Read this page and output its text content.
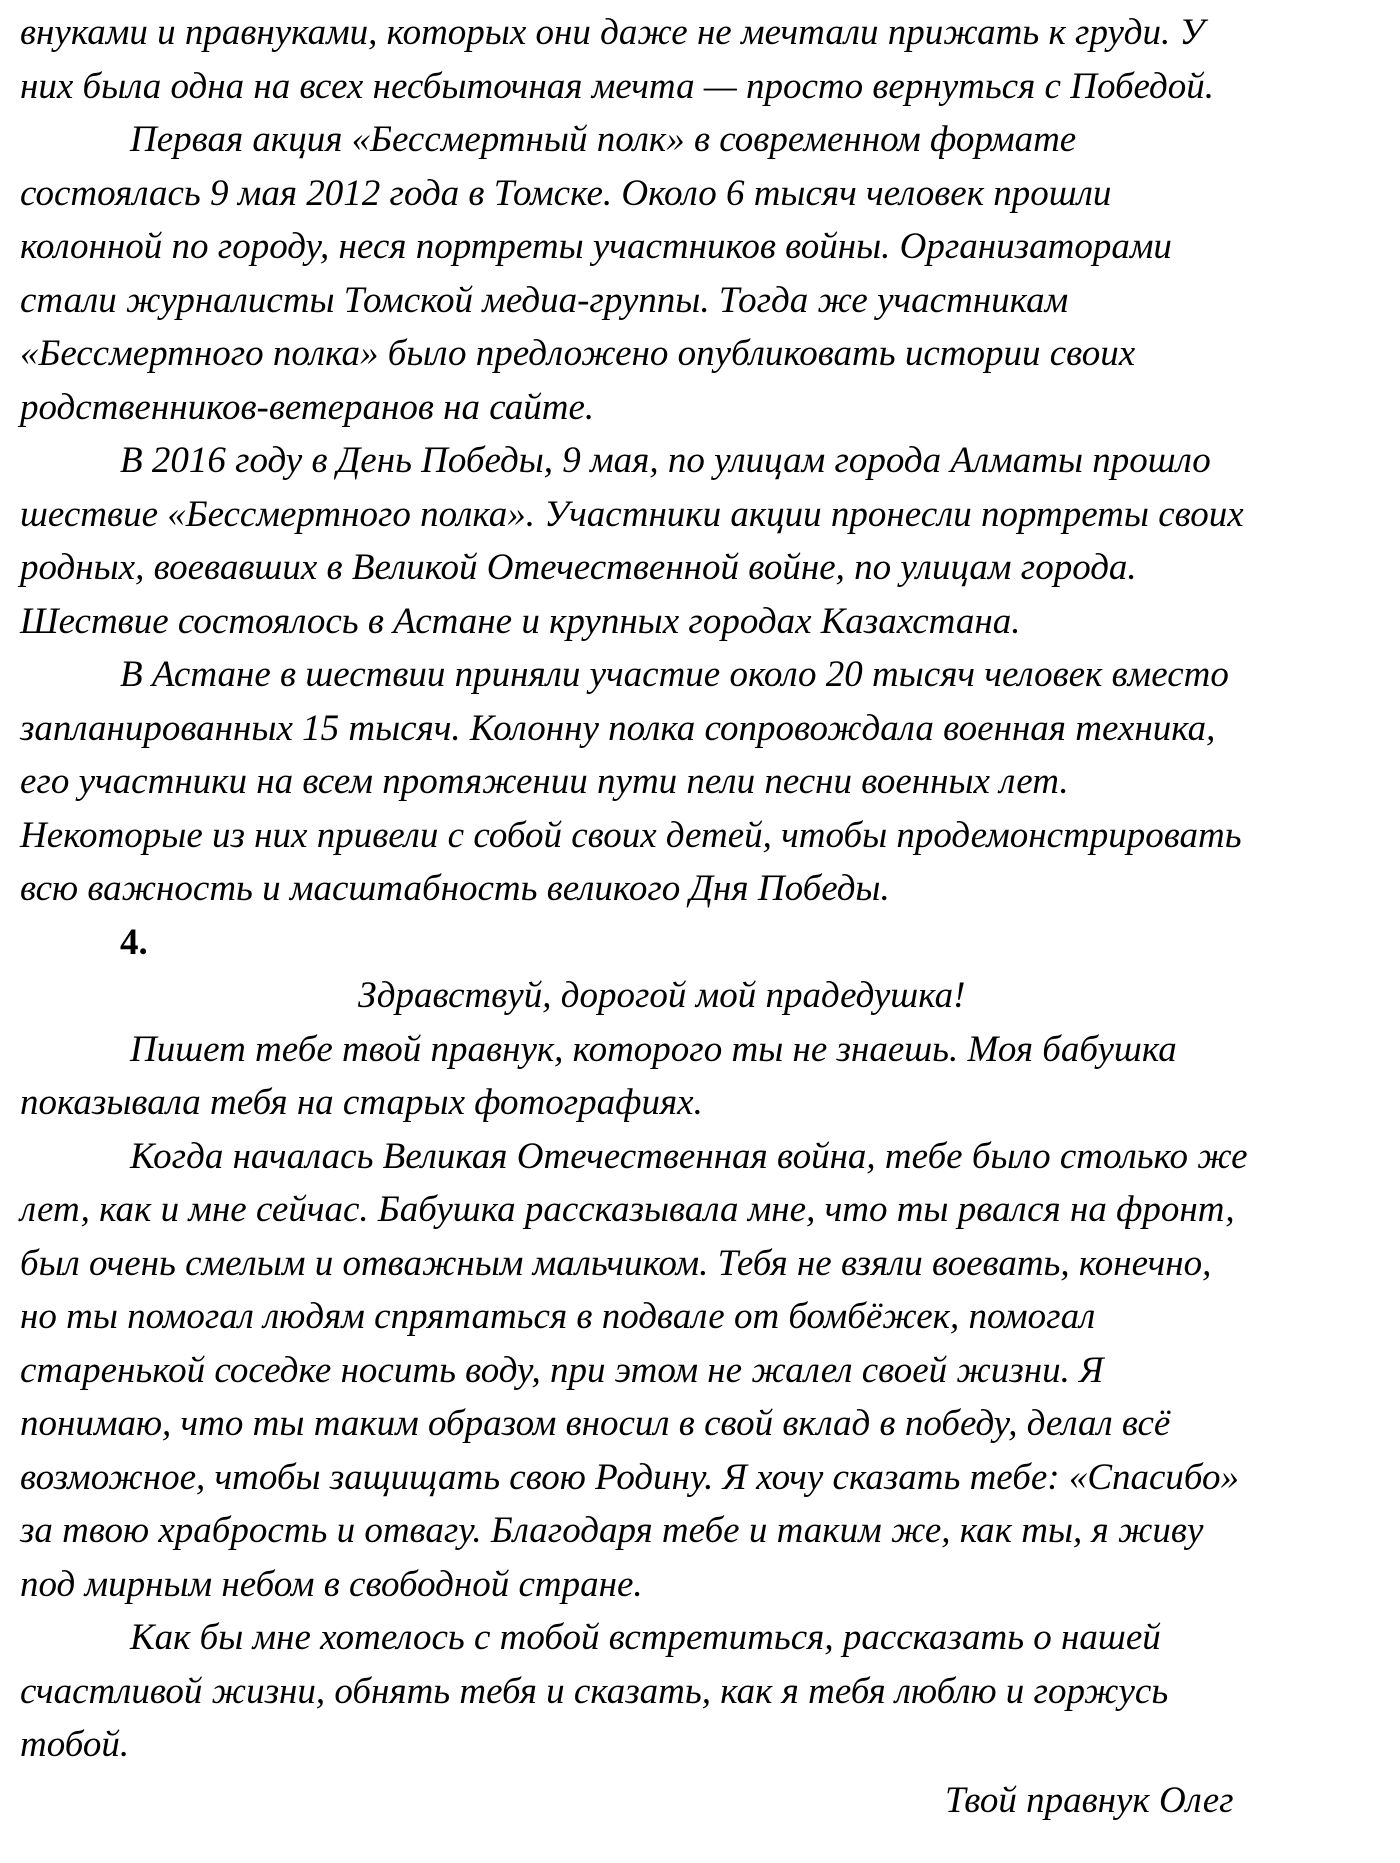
внуками и правнуками, которых они даже не мечтали прижать к груди. У
них была одна на всех несбыточная мечта — просто вернуться с Победой.
Первая акция «Бессмертный полк» в современном формате
состоялась 9 мая 2012 года в Томске. Около 6 тысяч человек прошли
колонной по городу, неся портреты участников войны. Организаторами
стали журналисты Томской медиа-группы. Тогда же участникам
«Бессмертного полка» было предложено опубликовать истории своих
родственников-ветеранов на сайте.
В 2016 году в День Победы, 9 мая, по улицам города Алматы прошло
шествие «Бессмертного полка». Участники акции пронесли портреты своих
родных, воевавших в Великой Отечественной войне, по улицам города.
Шествие состоялось в Астане и крупных городах Казахстана.
В Астане в шествии приняли участие около 20 тысяч человек вместо
запланированных 15 тысяч. Колонну полка сопровождала военная техника,
его участники на всем протяжении пути пели песни военных лет.
Некоторые из них привели с собой своих детей, чтобы продемонстрировать
всю важность и масштабность великого Дня Победы.
4.
Здравствуй, дорогой мой прадедушка!
Пишет тебе твой правнук, которого ты не знаешь. Моя бабушка
показывала тебя на старых фотографиях.
Когда началась Великая Отечественная война, тебе было столько же
лет, как и мне сейчас. Бабушка рассказывала мне, что ты рвался на фронт,
был очень смелым и отважным мальчиком. Тебя не взяли воевать, конечно,
но ты помогал людям спрятаться в подвале от бомбёжек, помогал
старенькой соседке носить воду, при этом не жалел своей жизни. Я
понимаю, что ты таким образом вносил в свой вклад в победу, делал всё
возможное, чтобы защищать свою Родину. Я хочу сказать тебе: «Спасибо»
за твою храбрость и отвагу. Благодаря тебе и таким же, как ты, я живу
под мирным небом в свободной стране.
Как бы мне хотелось с тобой встретиться, рассказать о нашей
счастливой жизни, обнять тебя и сказать, как я тебя люблю и горжусь
тобой.
Твой правнук Олег
